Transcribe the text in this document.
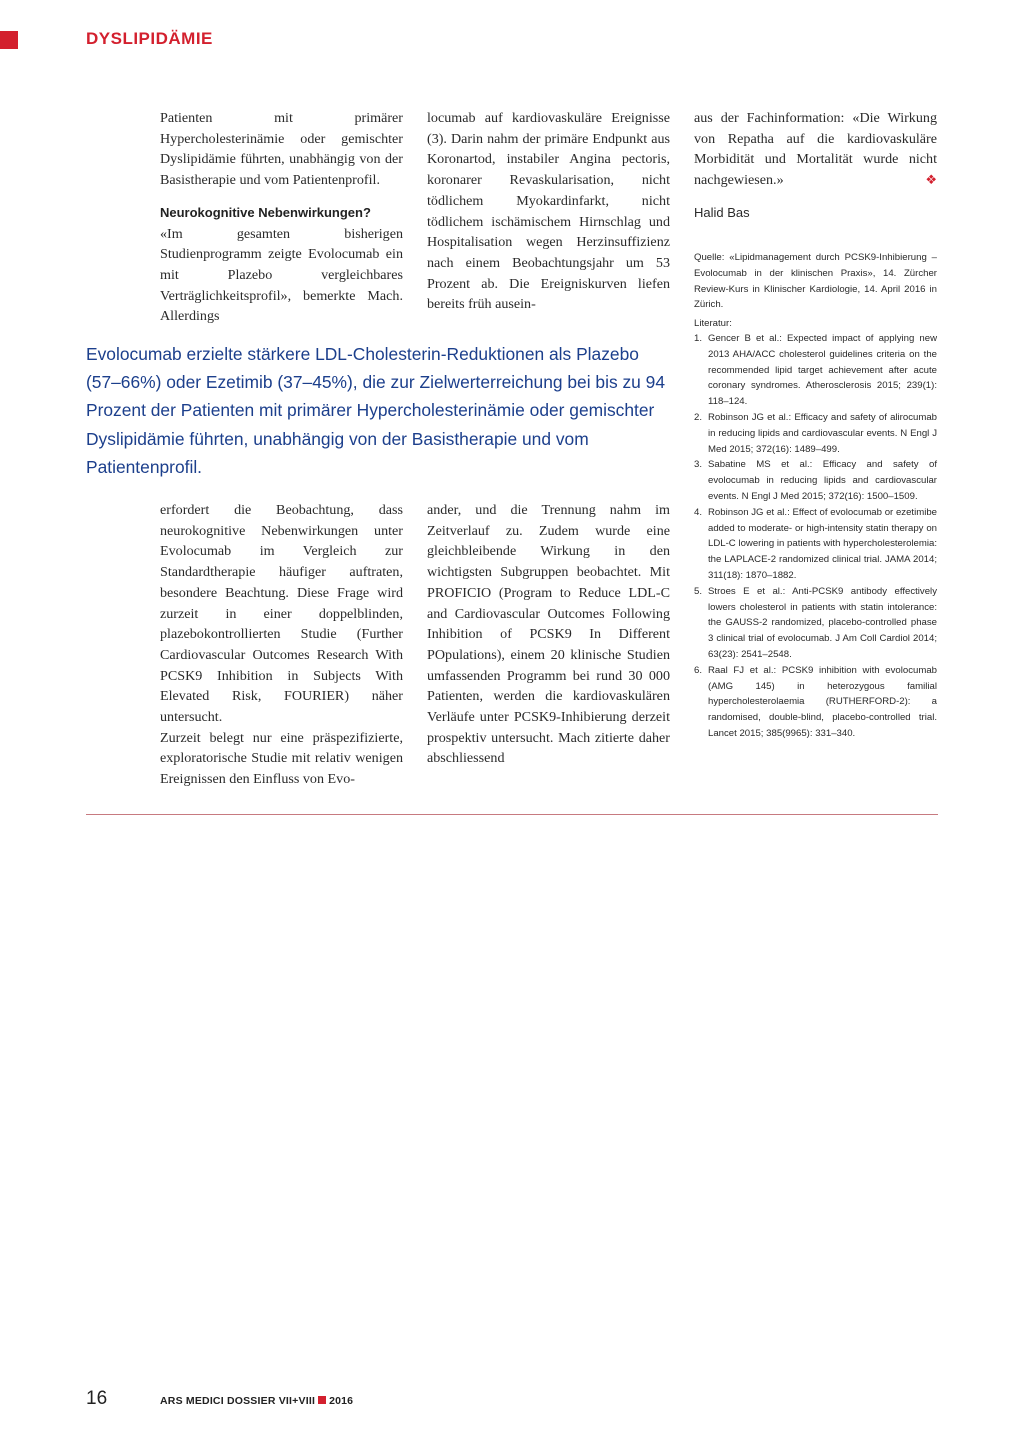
DYSLIPIDÄMIE

Patienten mit primärer Hypercholesterinämie oder gemischter Dyslipidämie führten, unabhängig von der Basistherapie und vom Patientenprofil.

Neurokognitive Nebenwirkungen?

«Im gesamten bisherigen Studienprogramm zeigte Evolocumab ein mit Plazebo vergleichbares Verträglichkeitsprofil», bemerkte Mach. Allerdings

locumab auf kardiovaskuläre Ereignisse (3). Darin nahm der primäre Endpunkt aus Koronartod, instabiler Angina pectoris, koronarer Revaskularisation, nicht tödlichem Myokardinfarkt, nicht tödlichem ischämischem Hirnschlag und Hospitalisation wegen Herzinsuffizienz nach einem Beobachtungsjahr um 53 Prozent ab. Die Ereigniskurven liefen bereits früh ausein-

aus der Fachinformation: «Die Wirkung von Repatha auf die kardiovaskuläre Morbidität und Mortalität wurde nicht nachgewiesen.»	❖

Halid Bas

Evolocumab erzielte stärkere LDL-Cholesterin-Reduktionen als Plazebo (57–66%) oder Ezetimib (37–45%), die zur Zielwerterreichung bei bis zu 94 Prozent der Patienten mit primärer Hypercholesterinämie oder gemischter Dyslipidämie führten, unabhängig von der Basistherapie und vom Patientenprofil.
Quelle: «Lipidmanagement durch PCSK9-Inhibierung – Evolocumab in der klinischen Praxis», 14. Zürcher Review-Kurs in Klinischer Kardiologie, 14. April 2016 in Zürich.
Literatur:
1. Gencer B et al.: Expected impact of applying new 2013 AHA/ACC cholesterol guidelines criteria on the recommended lipid target achievement after acute coronary syndromes. Atherosclerosis 2015; 239(1): 118–124.
2. Robinson JG et al.: Efficacy and safety of alirocumab in reducing lipids and cardiovascular events. N Engl J Med 2015; 372(16): 1489–499.
3. Sabatine MS et al.: Efficacy and safety of evolocumab in reducing lipids and cardiovascular events. N Engl J Med 2015; 372(16): 1500–1509.
4. Robinson JG et al.: Effect of evolocumab or ezetimibe added to moderate- or high-intensity statin therapy on LDL-C lowering in patients with hypercholesterolemia: the LAPLACE-2 randomized clinical trial. JAMA 2014; 311(18): 1870–1882.
5. Stroes E et al.: Anti-PCSK9 antibody effectively lowers cholesterol in patients with statin intolerance: the GAUSS-2 randomized, placebo-controlled phase 3 clinical trial of evolocumab. J Am Coll Cardiol 2014; 63(23): 2541–2548.
6. Raal FJ et al.: PCSK9 inhibition with evolocumab (AMG 145) in heterozygous familial hypercholesterolaemia (RUTHERFORD-2): a randomised, double-blind, placebo-controlled trial. Lancet 2015; 385(9965): 331–340.

erfordert die Beobachtung, dass neurokognitive Nebenwirkungen unter Evolocumab im Vergleich zur Standardtherapie häufiger auftraten, besondere Beachtung. Diese Frage wird zurzeit in einer doppelblinden, plazebokontrollierten Studie (Further Cardiovascular Outcomes Research With PCSK9 Inhibition in Subjects With Elevated Risk, FOURIER) näher untersucht.

Zurzeit belegt nur eine präspezifizierte, exploratorische Studie mit relativ wenigen Ereignissen den Einfluss von Evo-

ander, und die Trennung nahm im Zeitverlauf zu. Zudem wurde eine gleichbleibende Wirkung in den wichtigsten Subgruppen beobachtet. Mit PROFICIO (Program to Reduce LDL-C and Cardiovascular Outcomes Following Inhibition of PCSK9 In Different POpulations), einem 20 klinische Studien umfassenden Programm bei rund 30 000 Patienten, werden die kardiovaskulären Verläufe unter PCSK9-Inhibierung derzeit prospektiv untersucht. Mach zitierte daher abschliessend

16	ARS MEDICI DOSSIER VII+VIII 2016
